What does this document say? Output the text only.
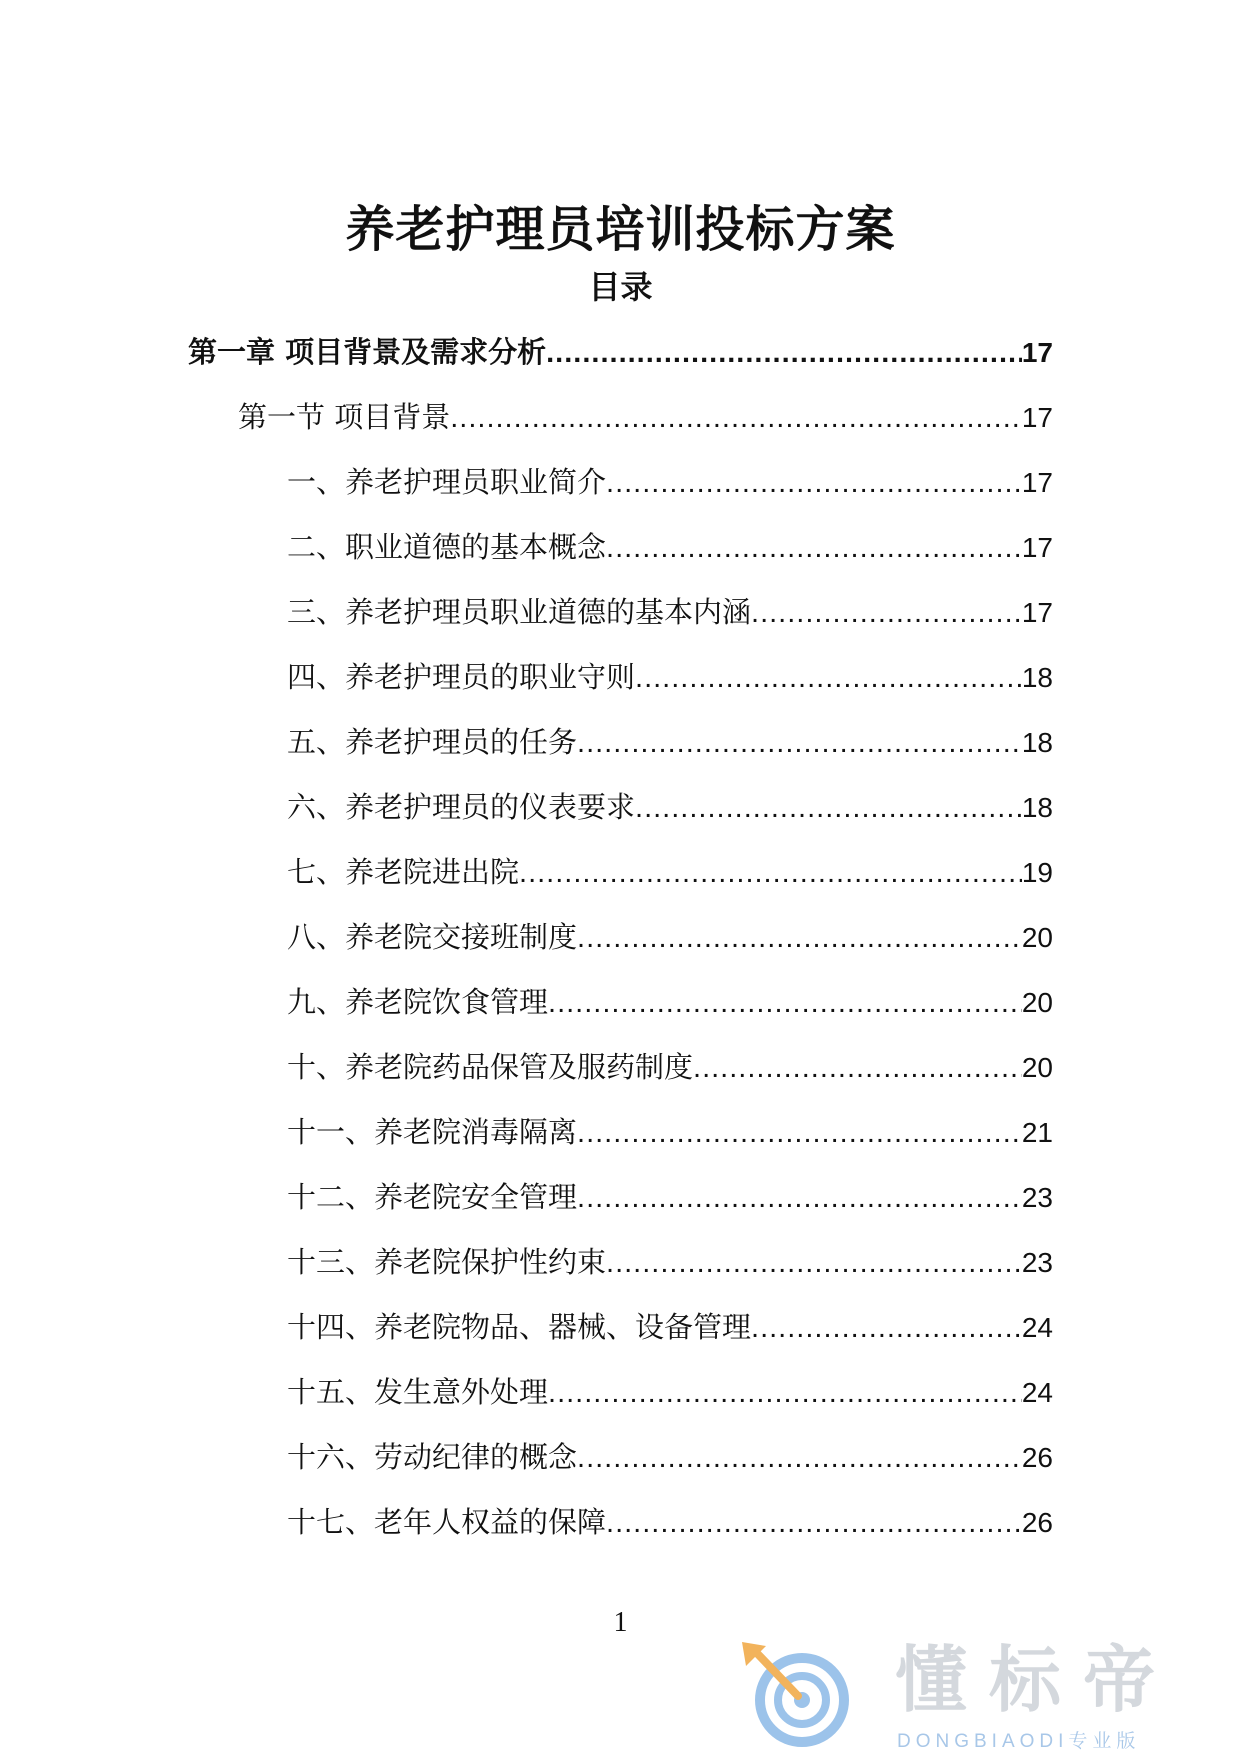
养老护理员培训投标方案
目录
第一章 项目背景及需求分析 .....	17
第一节 项目背景 .....	17
一、养老护理员职业简介 .....	17
二、职业道德的基本概念 .....	17
三、养老护理员职业道德的基本内涵 .....	17
四、养老护理员的职业守则 .....	18
五、养老护理员的任务 .....	18
六、养老护理员的仪表要求 .....	18
七、养老院进出院 .....	19
八、养老院交接班制度 .....	20
九、养老院饮食管理 .....	20
十、养老院药品保管及服药制度 .....	20
十一、养老院消毒隔离 .....	21
十二、养老院安全管理 .....	23
十三、养老院保护性约束 .....	23
十四、养老院物品、器械、设备管理 .....	24
十五、发生意外处理 .....	24
十六、劳动纪律的概念 .....	26
十七、老年人权益的保障 .....	26
1
懂标帝
DONGBIAODI专业版
